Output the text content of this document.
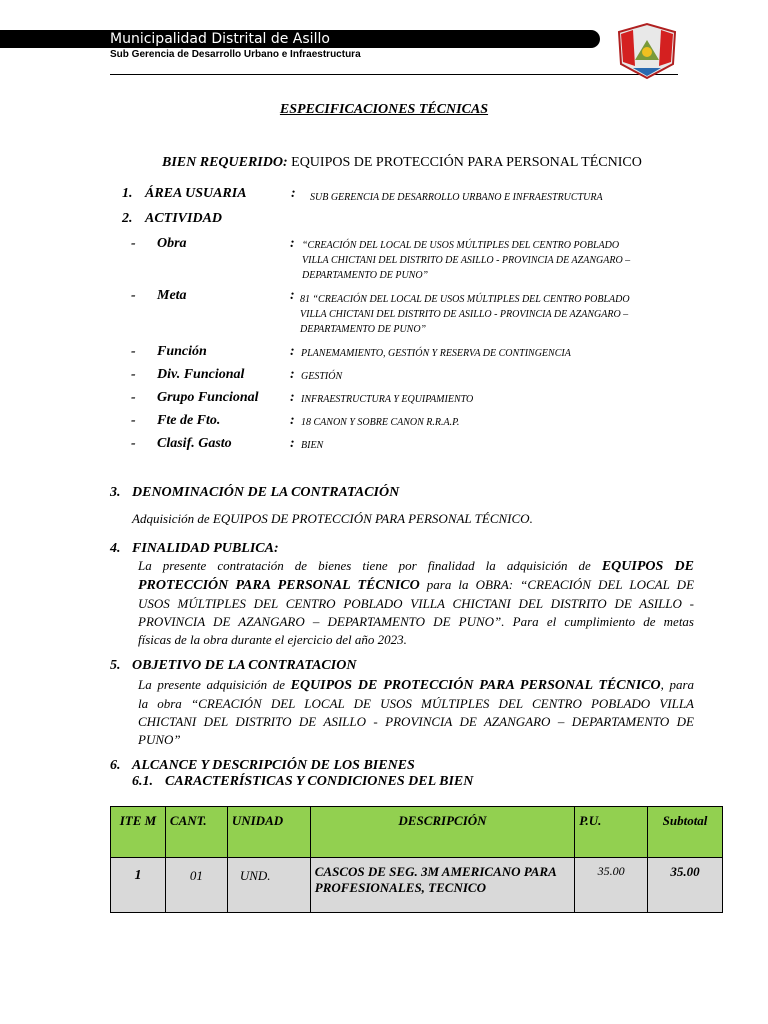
Municipalidad Distrital de Asillo
Sub Gerencia de Desarrollo Urbano e Infraestructura
ESPECIFICACIONES TÉCNICAS
BIEN REQUERIDO: EQUIPOS DE PROTECCIÓN PARA PERSONAL TÉCNICO
1. ÁREA USUARIA	: SUB GERENCIA DE DESARROLLO URBANO E INFRAESTRUCTURA
2. ACTIVIDAD
- Obra	: “CREACIÓN DEL LOCAL DE USOS MÚLTIPLES DEL CENTRO POBLADO
VILLA CHICTANI DEL DISTRITO DE ASILLO - PROVINCIA DE AZANGARO –
DEPARTAMENTO DE PUNO”
- Meta	: 81 “CREACIÓN DEL LOCAL DE USOS MÚLTIPLES DEL CENTRO POBLADO
VILLA CHICTANI DEL DISTRITO DE ASILLO - PROVINCIA DE AZANGARO –
DEPARTAMENTO DE PUNO”
- Función	: PLANEMAMIENTO, GESTIÓN Y RESERVA DE CONTINGENCIA
- Div. Funcional	: GESTIÓN
- Grupo Funcional : INFRAESTRUCTURA Y EQUIPAMIENTO
- Fte de Fto.	: 18 CANON Y SOBRE CANON R.R.A.P.
- Clasif. Gasto	: BIEN
3. DENOMINACIÓN DE LA CONTRATACIÓN
Adquisición de EQUIPOS DE PROTECCIÓN PARA PERSONAL TÉCNICO.
4. FINALIDAD PUBLICA:
La presente contratación de bienes tiene por finalidad la adquisición de EQUIPOS DE
PROTECCIÓN PARA PERSONAL TÉCNICO para la OBRA: “CREACIÓN DEL LOCAL DE
USOS MÚLTIPLES DEL CENTRO POBLADO VILLA CHICTANI DEL DISTRITO DE ASILLO -
PROVINCIA DE AZANGARO – DEPARTAMENTO DE PUNO”. Para el cumplimiento de metas
físicas de la obra durante el ejercicio del año 2023.
5. OBJETIVO DE LA CONTRATACION
La presente adquisición de EQUIPOS DE PROTECCIÓN PARA PERSONAL TÉCNICO, para
la obra “CREACIÓN DEL LOCAL DE USOS MÚLTIPLES DEL CENTRO POBLADO VILLA
CHICTANI DEL DISTRITO DE ASILLO - PROVINCIA DE AZANGARO – DEPARTAMENTO DE
PUNO”
6. ALCANCE Y DESCRIPCIÓN DE LOS BIENES
6.1. CARACTERÍSTICAS Y CONDICIONES DEL BIEN
ITE M	CANT.	UNIDAD	DESCRIPCIÓN	P.U.	Subtotal
1	01	UND.	CASCOS DE SEG. 3M AMERICANO PARA PROFESIONALES, TECNICO	35.00	35.00
